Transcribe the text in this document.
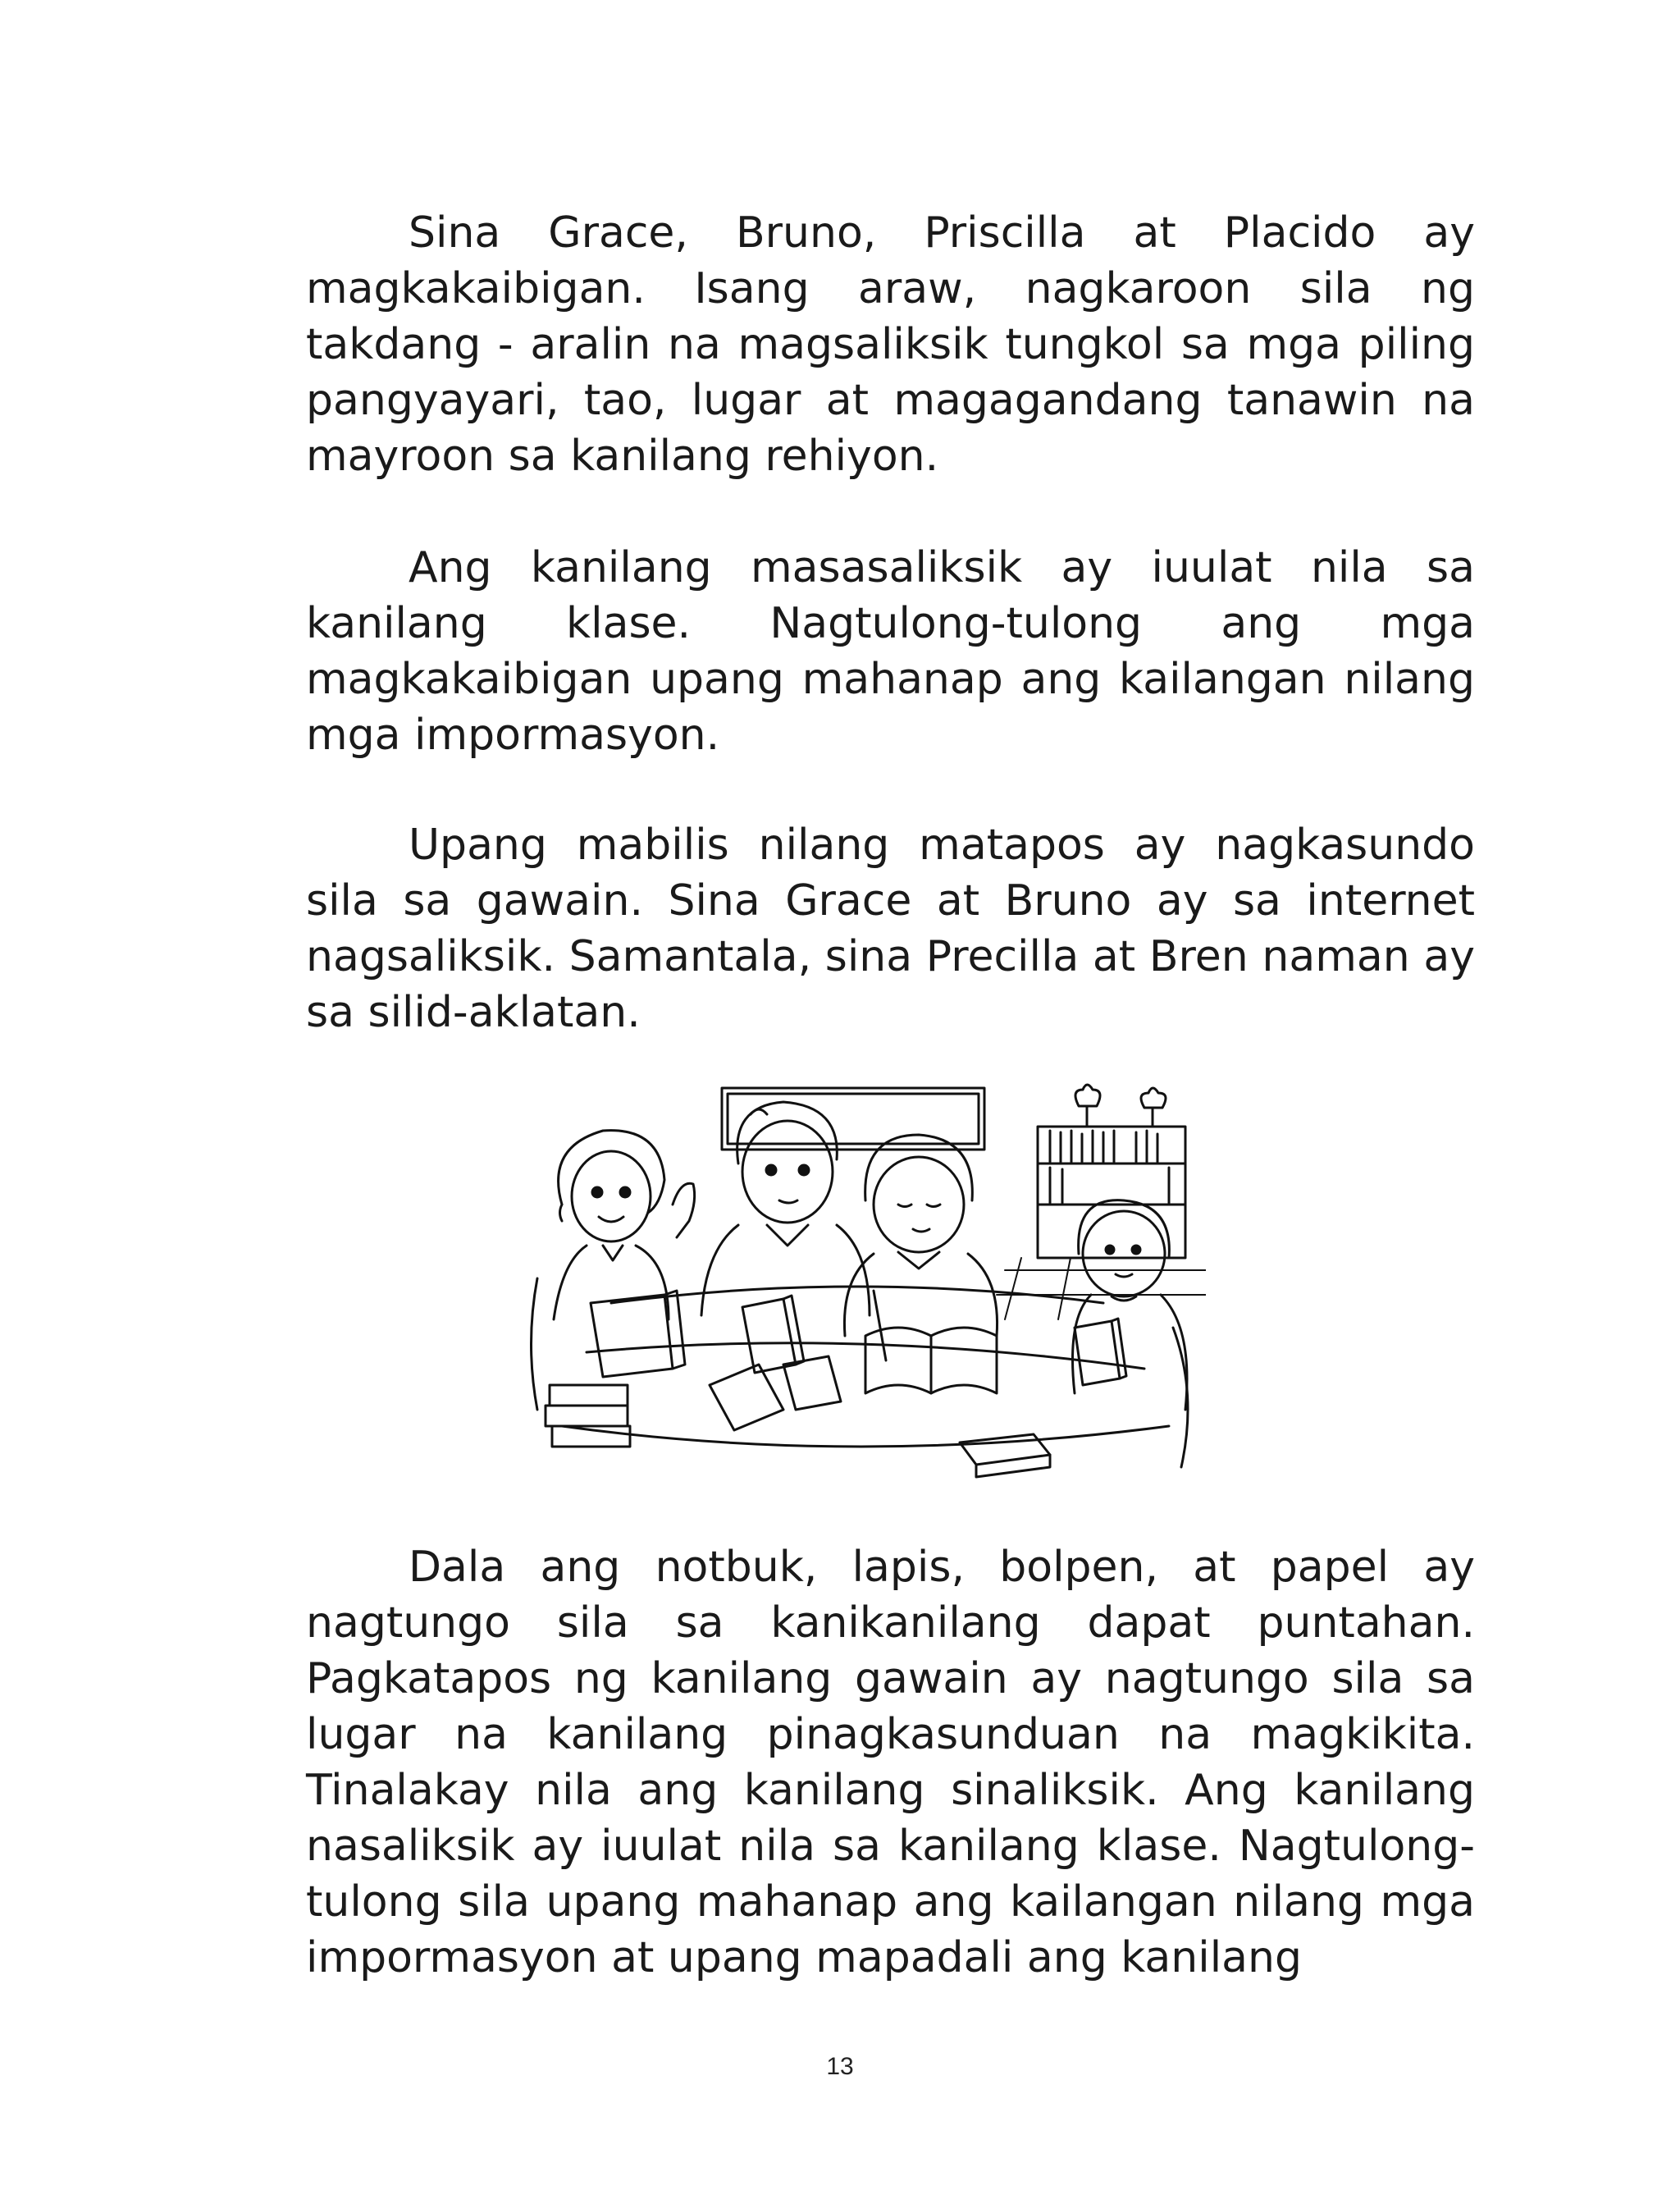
Sina Grace, Bruno, Priscilla at Placido ay magkakaibigan. Isang araw, nagkaroon sila ng takdang - aralin na magsaliksik tungkol sa mga piling pangyayari, tao, lugar at magagandang tanawin na mayroon sa kanilang rehiyon.

Ang kanilang masasaliksik ay iuulat nila sa kanilang klase. Nagtulong-tulong ang mga magkakaibigan upang mahanap ang kailangan nilang mga impormasyon.

Upang mabilis nilang matapos ay nagkasundo sila sa gawain. Sina Grace at Bruno ay sa internet nagsaliksik. Samantala, sina Precilla at Bren naman ay sa silid-aklatan.

Dala ang notbuk, lapis, bolpen, at papel ay nagtungo sila sa kanikanilang dapat puntahan. Pagkatapos ng kanilang gawain ay nagtungo sila sa lugar na kanilang pinagkasunduan na magkikita. Tinalakay nila ang kanilang sinaliksik. Ang kanilang nasaliksik ay iuulat nila sa kanilang klase. Nagtulong-tulong sila upang mahanap ang kailangan nilang mga impormasyon at upang mapadali ang kanilang

13
